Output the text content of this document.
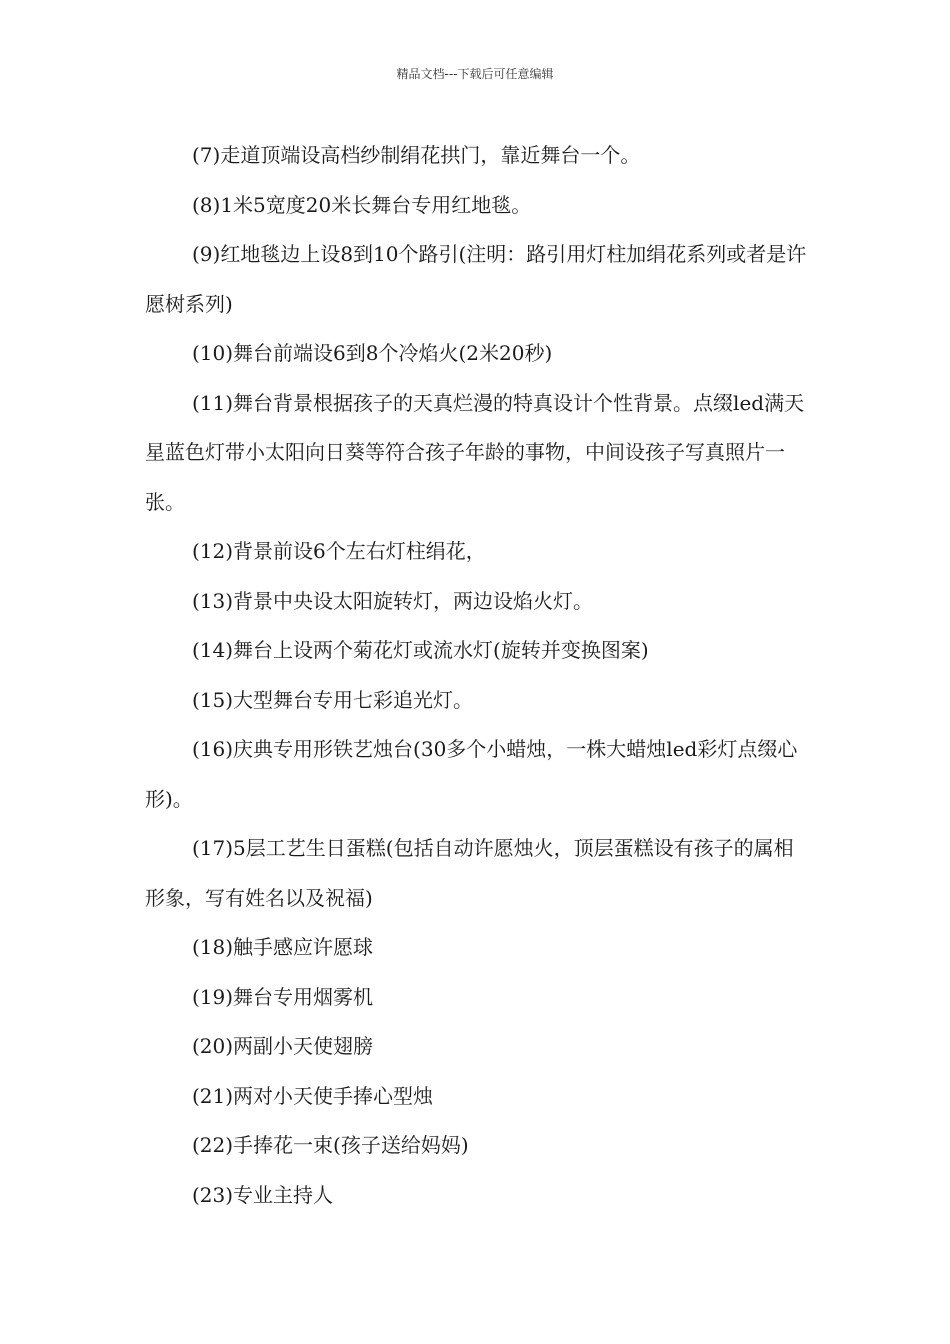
精品文档---下载后可任意编辑

(7)走道顶端设高档纱制绢花拱门，靠近舞台一个。

(8)1米5宽度20米长舞台专用红地毯。

(9)红地毯边上设8到10个路引(注明：路引用灯柱加绢花系列或者是许愿树系列)

(10)舞台前端设6到8个冷焰火(2米20秒)

(11)舞台背景根据孩子的天真烂漫的特真设计个性背景。点缀led满天星蓝色灯带小太阳向日葵等符合孩子年龄的事物，中间设孩子写真照片一张。

(12)背景前设6个左右灯柱绢花，

(13)背景中央设太阳旋转灯，两边设焰火灯。

(14)舞台上设两个菊花灯或流水灯(旋转并变换图案)

(15)大型舞台专用七彩追光灯。

(16)庆典专用形铁艺烛台(30多个小蜡烛，一株大蜡烛led彩灯点缀心形)。

(17)5层工艺生日蛋糕(包括自动许愿烛火，顶层蛋糕设有孩子的属相形象，写有姓名以及祝福)

(18)触手感应许愿球

(19)舞台专用烟雾机

(20)两副小天使翅膀

(21)两对小天使手捧心型烛

(22)手捧花一束(孩子送给妈妈)

(23)专业主持人
